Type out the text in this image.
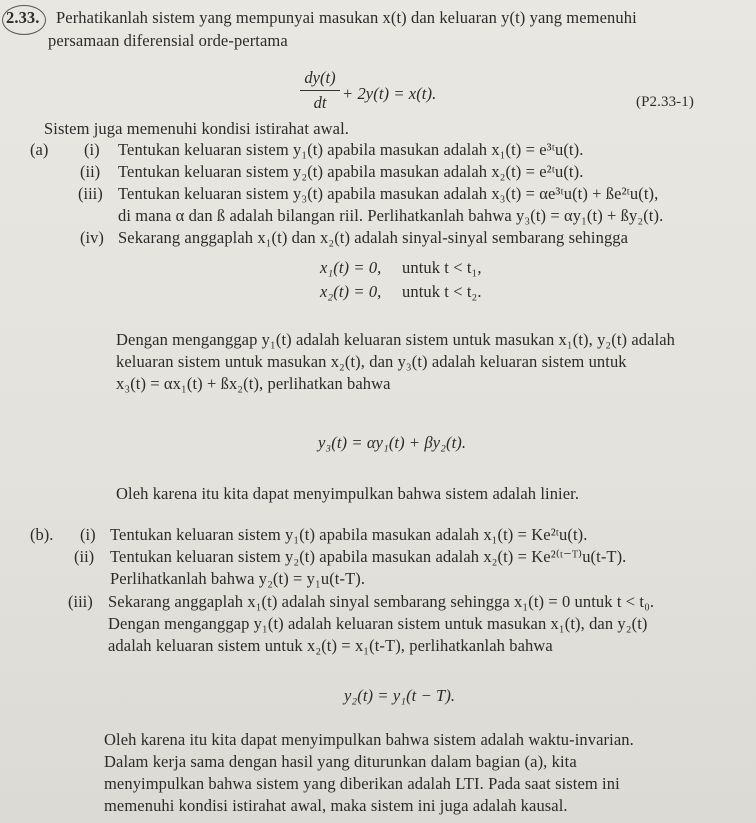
2.33. Perhatikanlah sistem yang mempunyai masukan x(t) dan keluaran y(t) yang memenuhi
persamaan diferensial orde-pertama
dy(t)
dt + 2y(t) = x(t).	(P2.33-1)
Sistem juga memenuhi kondisi istirahat awal.
(a) (i) Tentukan keluaran sistem y₁(t) apabila masukan adalah x₁(t) = e³ᵗu(t).
(ii) Tentukan keluaran sistem y₂(t) apabila masukan adalah x₂(t) = e²ᵗu(t).
(iii) Tentukan keluaran sistem y₃(t) apabila masukan adalah x₃(t) = αe³ᵗu(t) + ße²ᵗu(t),
di mana α dan ß adalah bilangan riil. Perlihatkanlah bahwa y₃(t) = αy₁(t) + ßy₂(t).
(iv) Sekarang anggaplah x₁(t) dan x₂(t) adalah sinyal-sinyal sembarang sehingga
x₁(t) = 0, untuk t < t₁,
x₂(t) = 0, untuk t < t₂.
Dengan menganggap y₁(t) adalah keluaran sistem untuk masukan x₁(t), y₂(t) adalah
keluaran sistem untuk masukan x₂(t), dan y₃(t) adalah keluaran sistem untuk
x₃(t) = αx₁(t) + ßx₂(t), perlihatkan bahwa
y₃(t) = αy₁(t) + βy₂(t).
Oleh karena itu kita dapat menyimpulkan bahwa sistem adalah linier.
(b). (i) Tentukan keluaran sistem y₁(t) apabila masukan adalah x₁(t) = Ke²ᵗu(t).
(ii) Tentukan keluaran sistem y₂(t) apabila masukan adalah x₂(t) = Ke²⁽ᵗ⁻ᵀ⁾u(t-T).
Perlihatkanlah bahwa y₂(t) = y₁u(t-T).
(iii) Sekarang anggaplah x₁(t) adalah sinyal sembarang sehingga x₁(t) = 0 untuk t < t₀.
Dengan menganggap y₁(t) adalah keluaran sistem untuk masukan x₁(t), dan y₂(t)
adalah keluaran sistem untuk x₂(t) = x₁(t-T), perlihatkanlah bahwa
y₂(t) = y₁(t − T).
Oleh karena itu kita dapat menyimpulkan bahwa sistem adalah waktu-invarian.
Dalam kerja sama dengan hasil yang diturunkan dalam bagian (a), kita
menyimpulkan bahwa sistem yang diberikan adalah LTI. Pada saat sistem ini
memenuhi kondisi istirahat awal, maka sistem ini juga adalah kausal.
